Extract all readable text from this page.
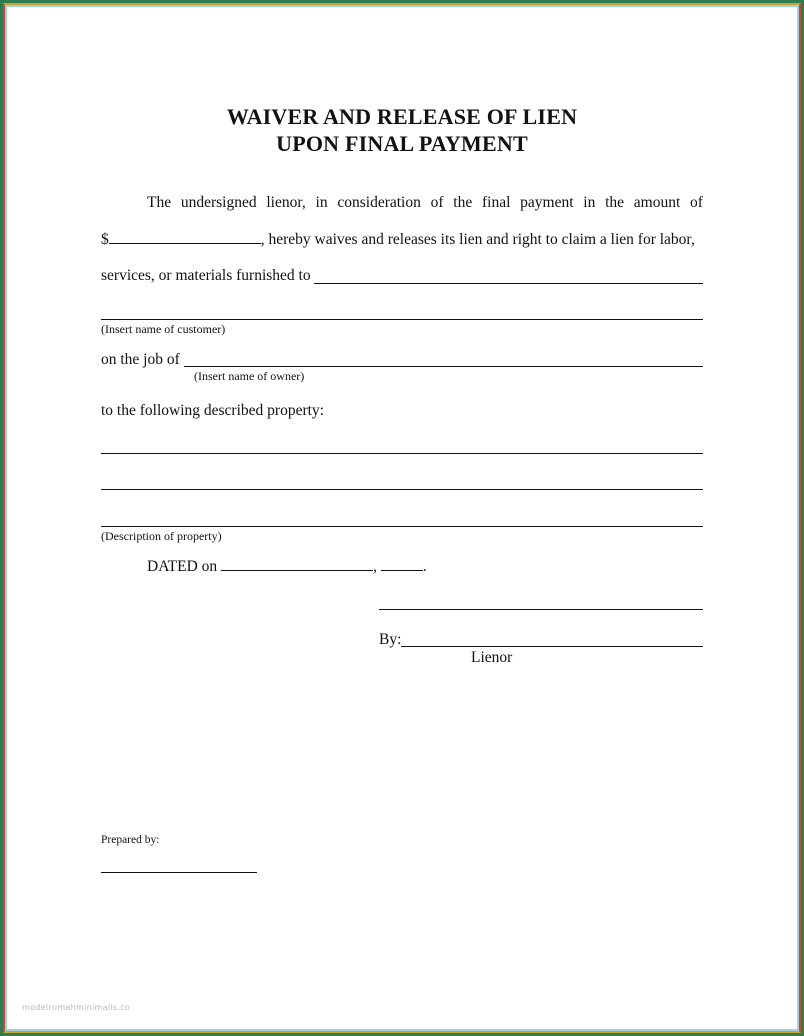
WAIVER AND RELEASE OF LIEN
UPON FINAL PAYMENT
The undersigned lienor, in consideration of the final payment in the amount of
$	, hereby waives and releases its lien and right to claim a lien for labor,
services, or materials furnished to
(Insert name of customer)
on the job of
(Insert name of owner)
to the following described property:
(Description of property)
DATED on	,	.
By:
Lienor
Prepared by:
modelrumahminimalis.co
